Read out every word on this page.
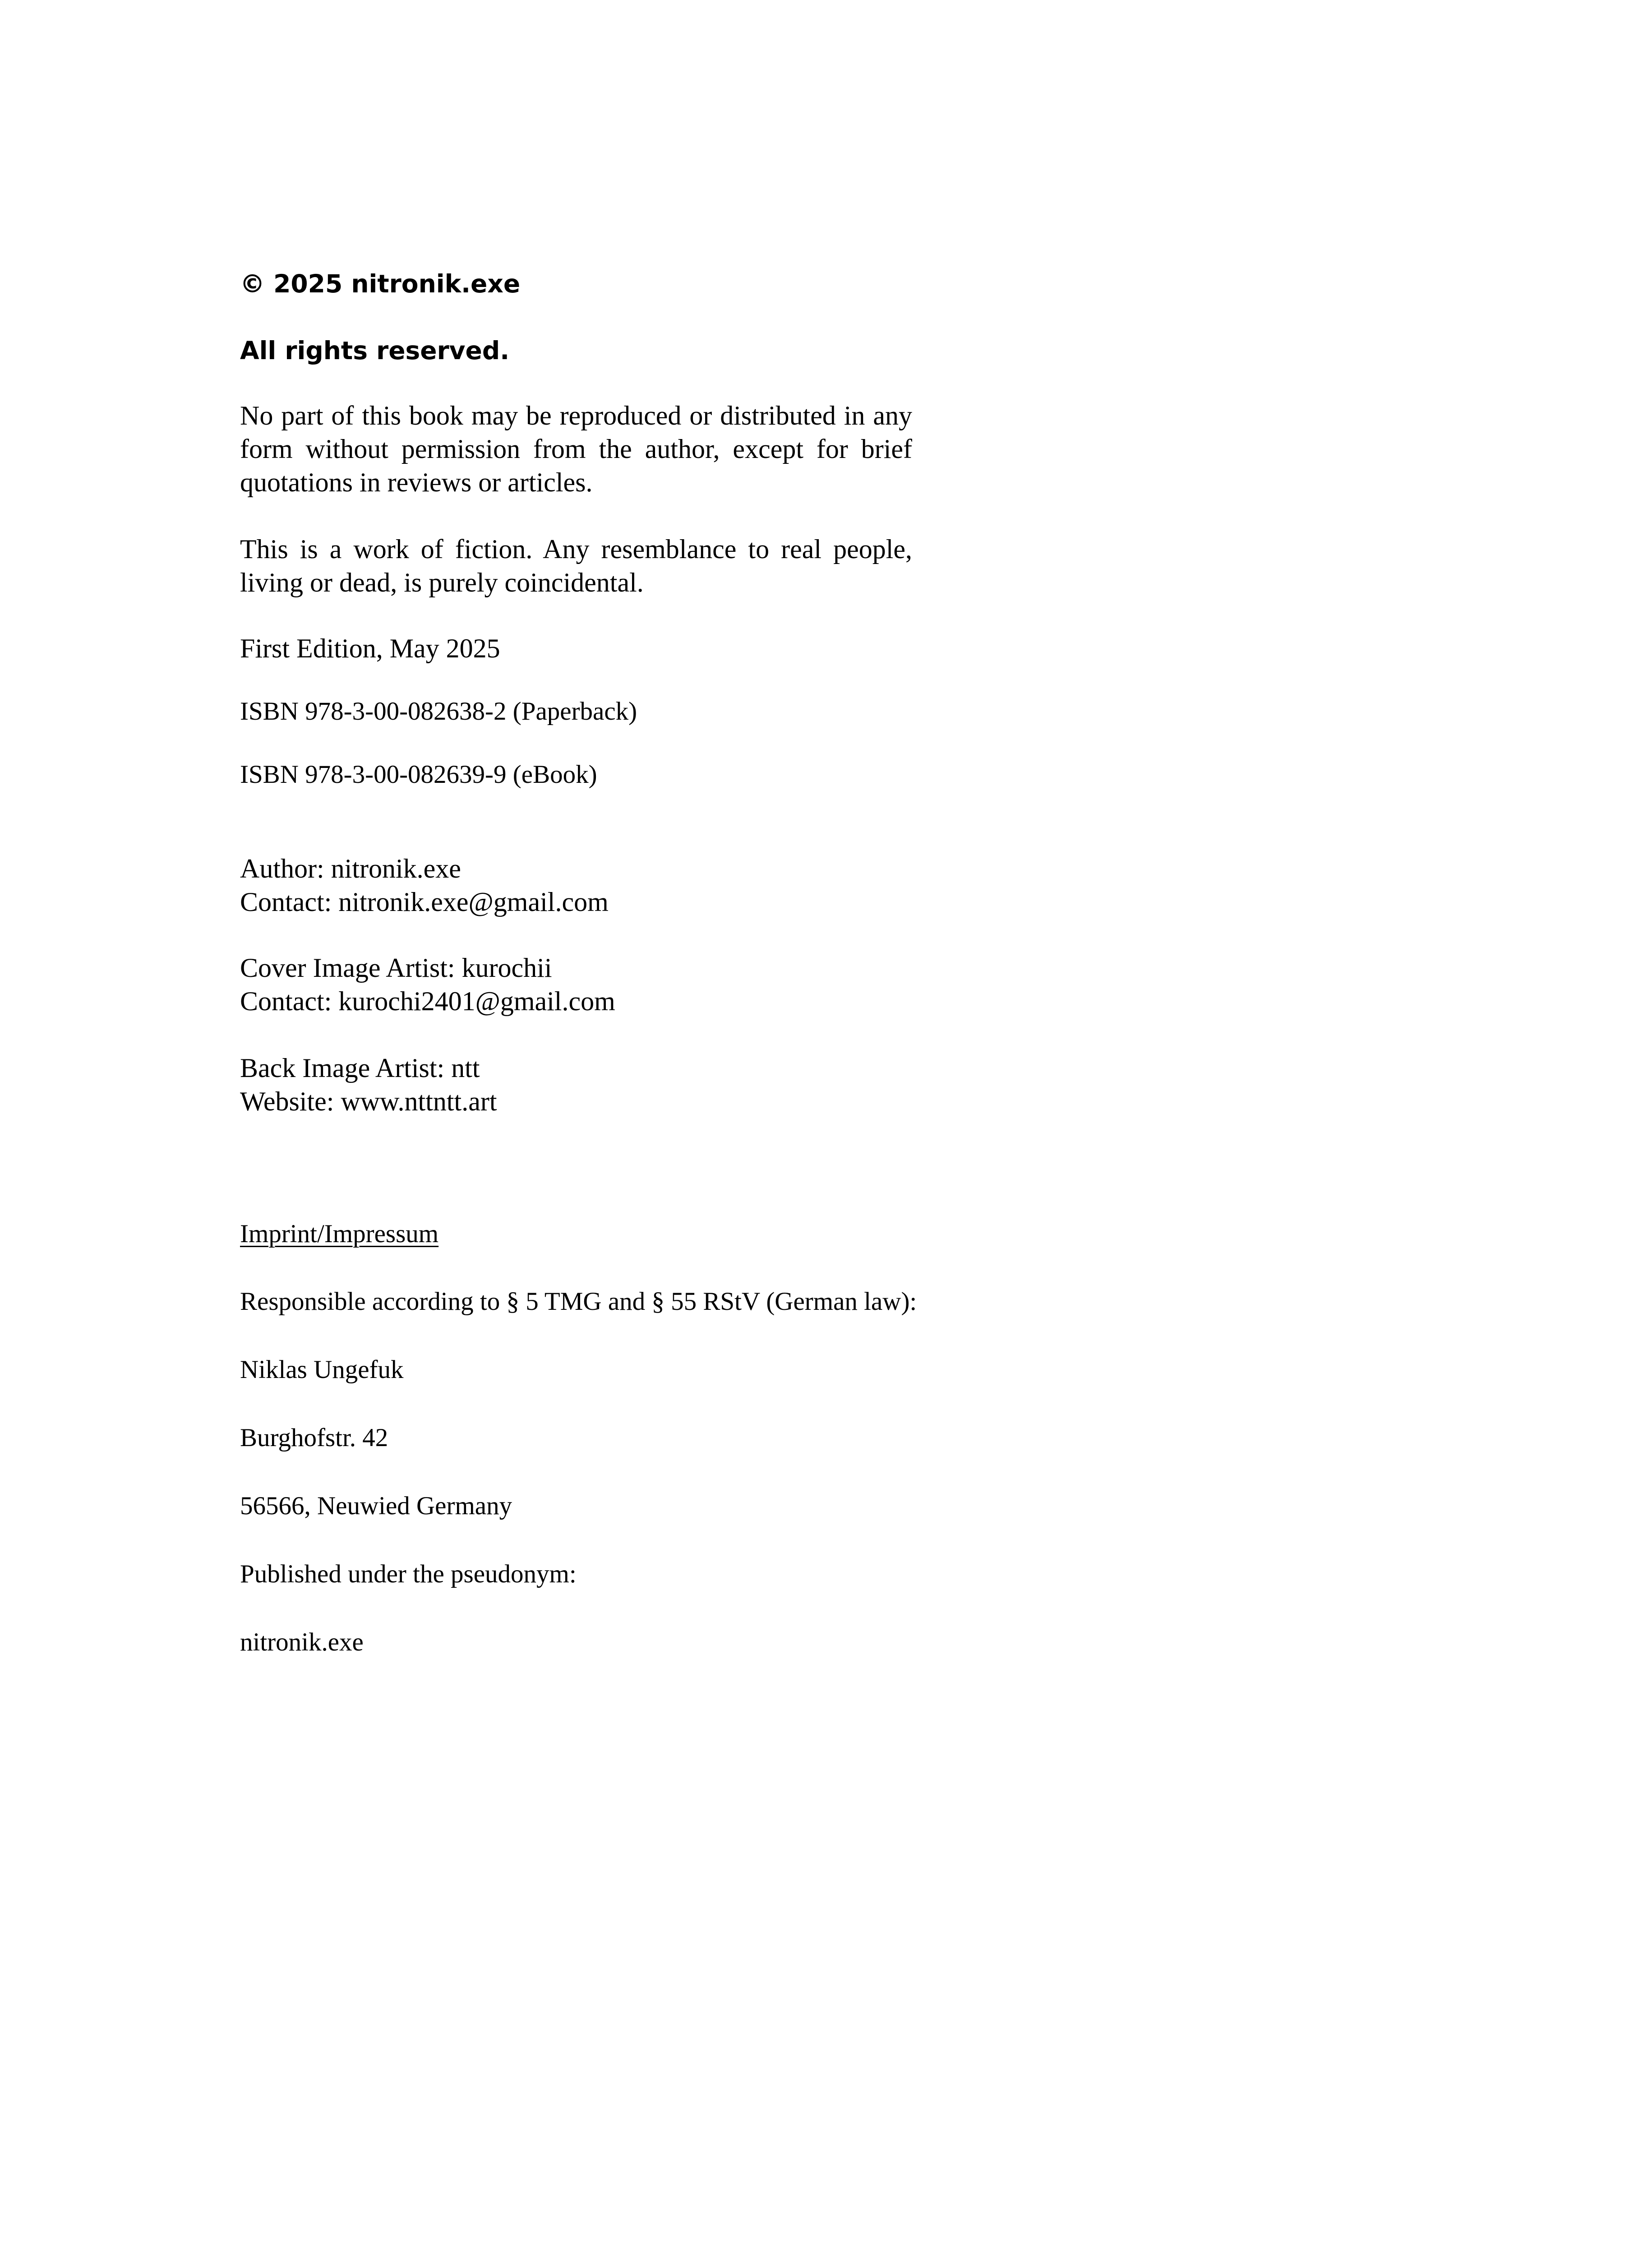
© 2025 nitronik.exe

All rights reserved.

No part of this book may be reproduced or distributed in any form without permission from the author, except for brief quotations in reviews or articles.

This is a work of fiction. Any resemblance to real people, living or dead, is purely coincidental.

First Edition, May 2025

ISBN 978-3-00-082638-2 (Paperback)

ISBN 978-3-00-082639-9 (eBook)

Author: nitronik.exe

Contact: nitronik.exe@gmail.com

Cover Image Artist: kurochii

Contact: kurochi2401@gmail.com

Back Image Artist: ntt

Website: www.nttntt.art

Imprint/Impressum

Responsible according to § 5 TMG and § 55 RStV (German law):

Niklas Ungefuk

Burghofstr. 42

56566, Neuwied Germany

Published under the pseudonym:

nitronik.exe
